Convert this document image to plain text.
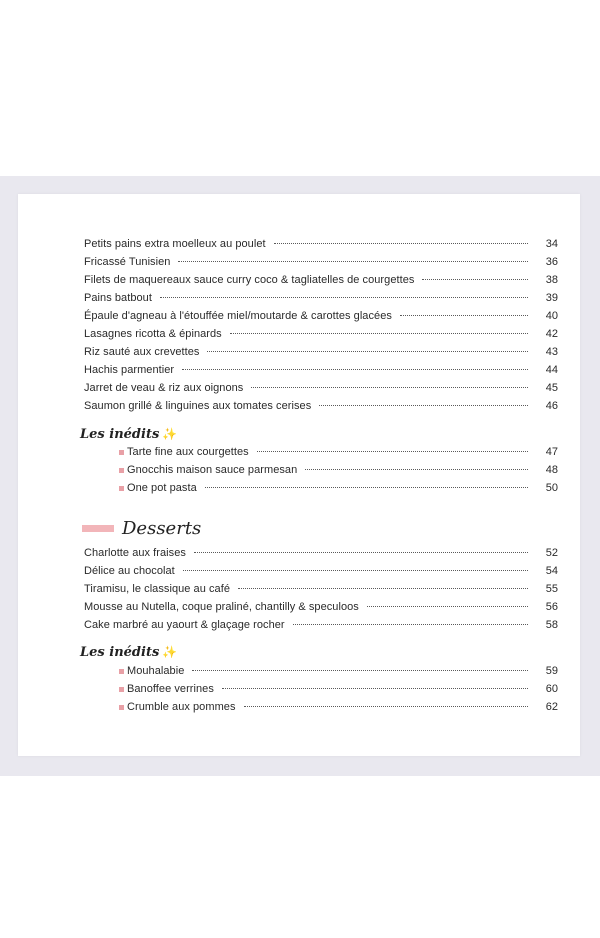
Petits pains extra moelleux au poulet	34
Fricassé Tunisien	36
Filets de maquereaux sauce curry coco & tagliatelles de courgettes	38
Pains batbout	39
Épaule d'agneau à l'étouffée miel/moutarde & carottes glacées	40
Lasagnes ricotta & épinards	42
Riz sauté aux crevettes	43
Hachis parmentier	44
Jarret de veau & riz aux oignons	45
Saumon grillé & linguines aux tomates cerises	46
Les inédits ✨
Tarte fine aux courgettes	47
Gnocchis maison sauce parmesan	48
One pot pasta	50
Desserts
Charlotte aux fraises	52
Délice au chocolat	54
Tiramisu, le classique au café	55
Mousse au Nutella, coque praliné, chantilly & speculoos	56
Cake marbré au yaourt & glaçage rocher	58
Les inédits ✨
Mouhalabie	59
Banoffee verrines	60
Crumble aux pommes	62
